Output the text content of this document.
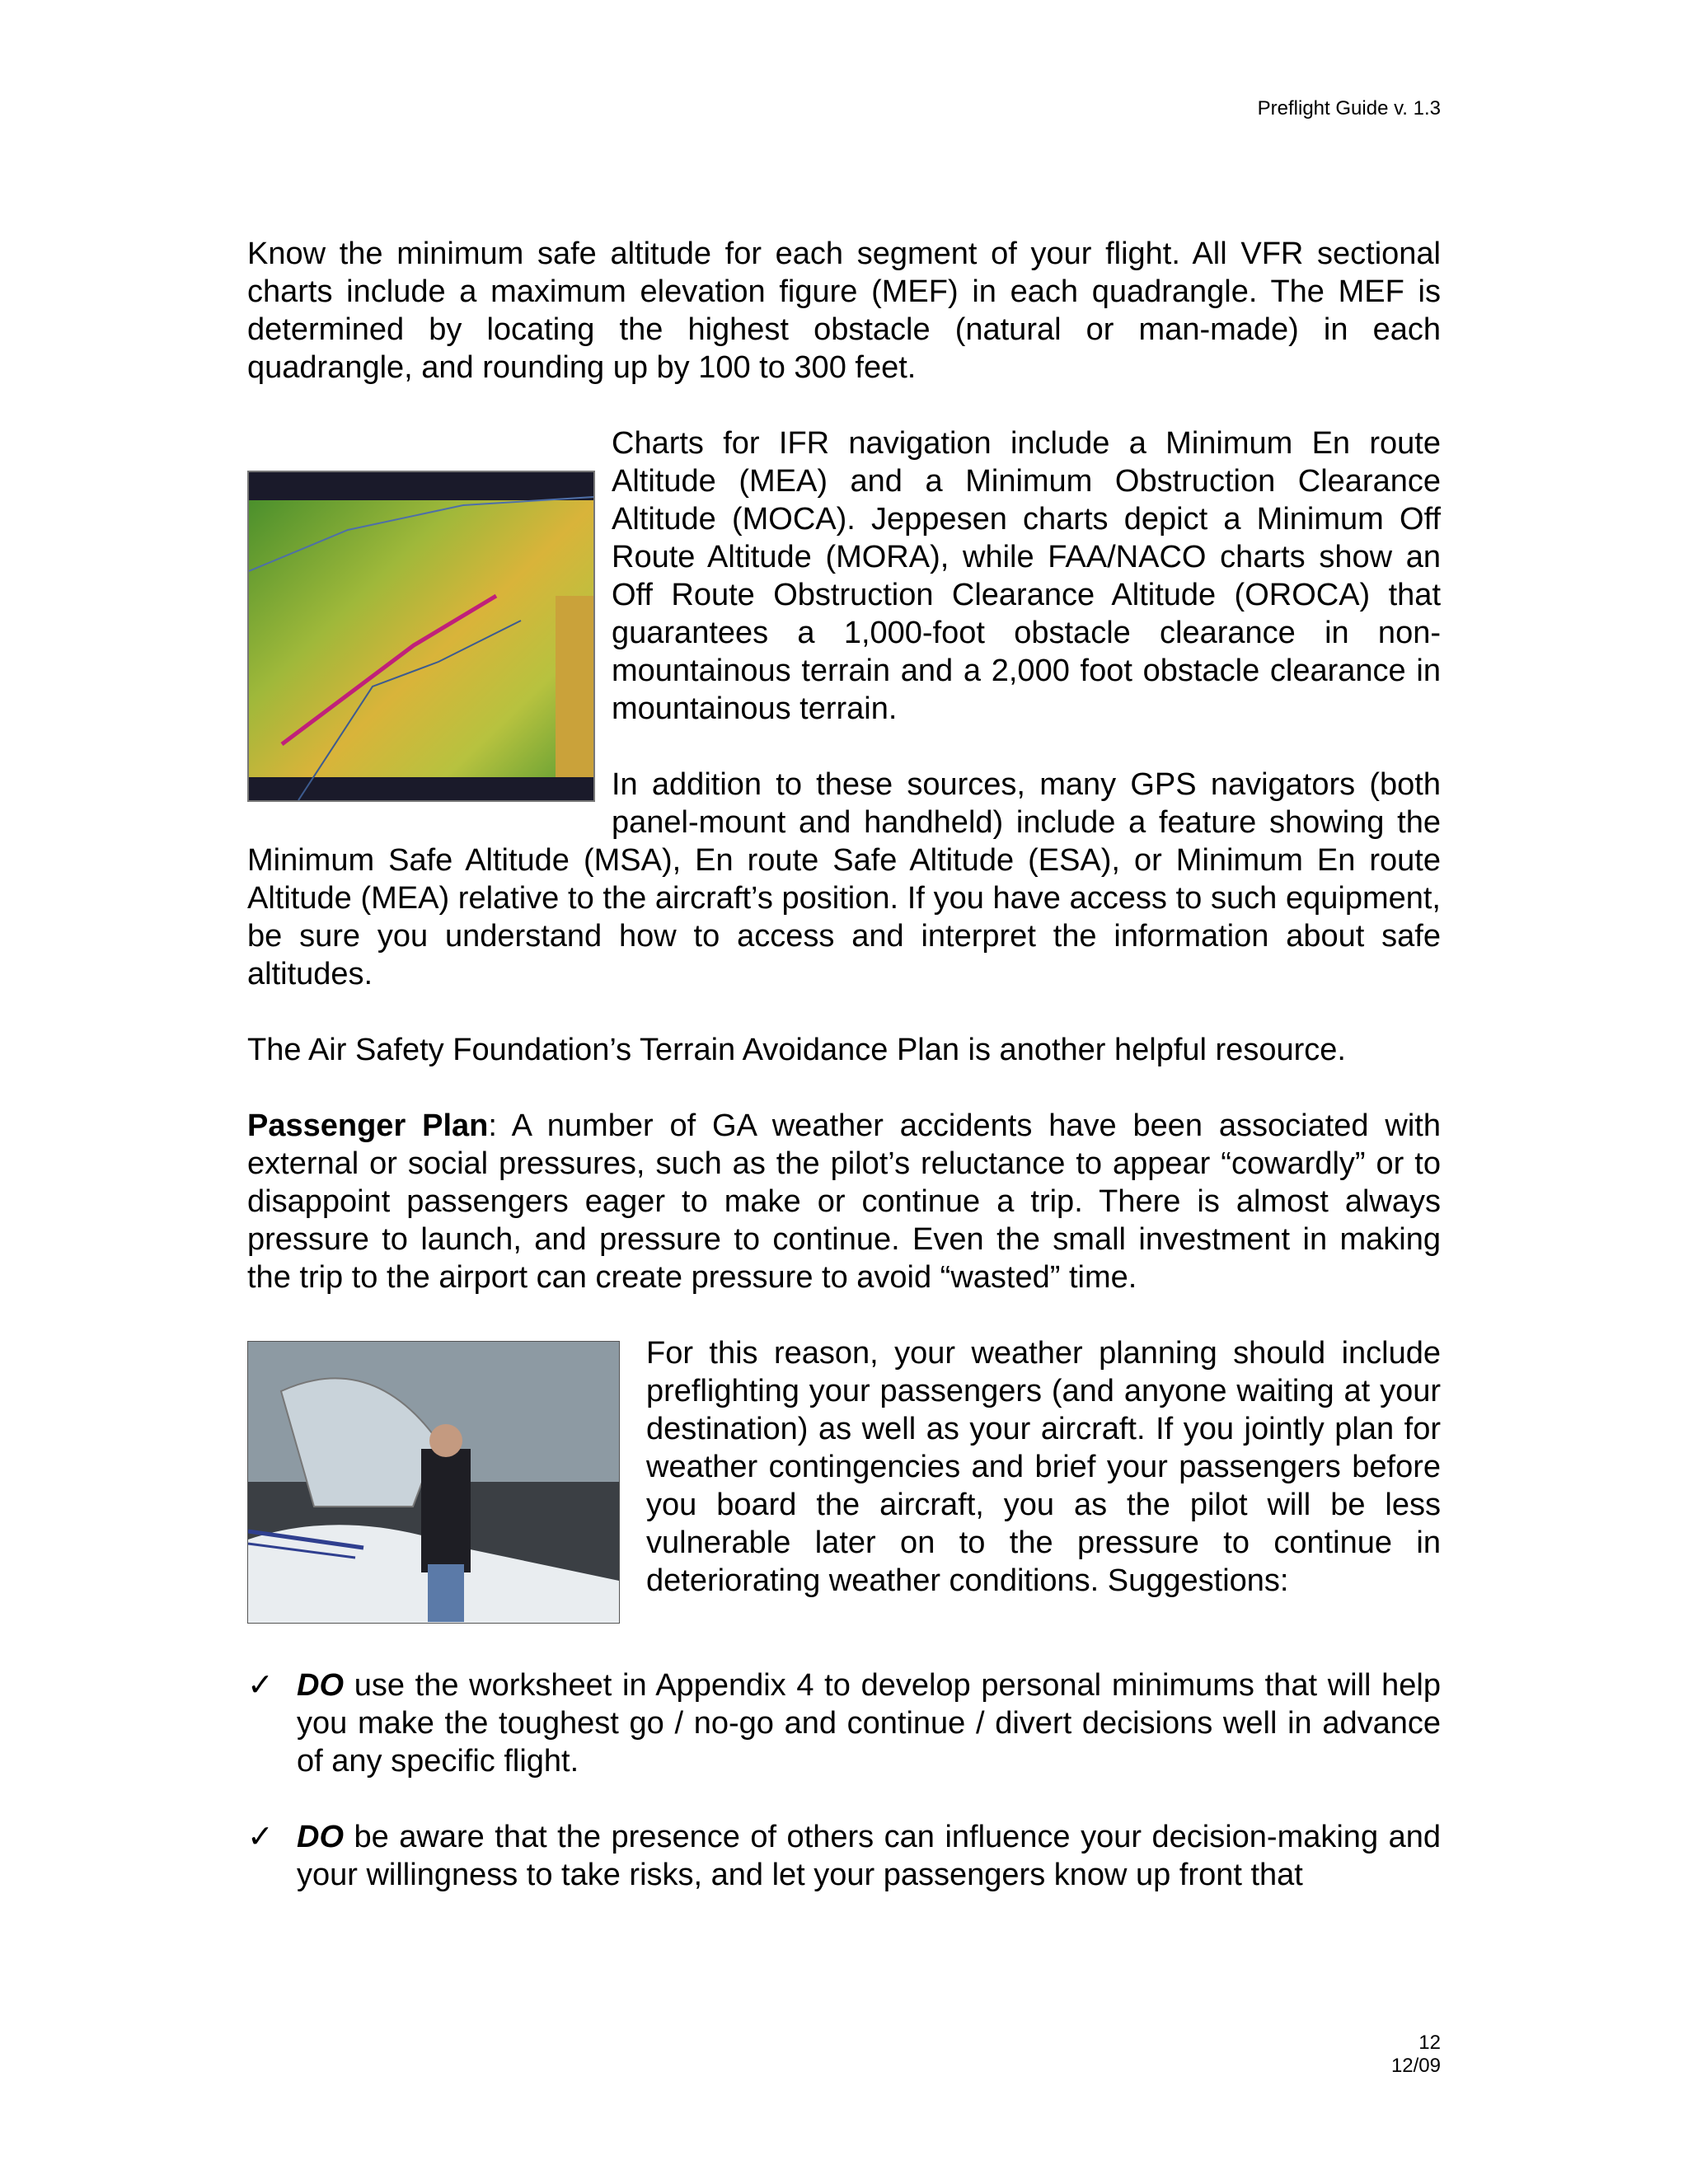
Preflight Guide v. 1.3

Know the minimum safe altitude for each segment of your flight. All VFR sectional charts include a maximum elevation figure (MEF) in each quadrangle. The MEF is determined by locating the highest obstacle (natural or man-made) in each quadrangle, and rounding up by 100 to 300 feet.

Charts for IFR navigation include a Minimum En route Altitude (MEA) and a Minimum Obstruction Clearance Altitude (MOCA). Jeppesen charts depict a Minimum Off Route Altitude (MORA), while FAA/NACO charts show an Off Route Obstruction Clearance Altitude (OROCA) that guarantees a 1,000-foot obstacle clearance in non-mountainous terrain and a 2,000 foot obstacle clearance in mountainous terrain.

In addition to these sources, many GPS navigators (both panel-mount and handheld) include a feature showing the Minimum Safe Altitude (MSA), En route Safe Altitude (ESA), or Minimum En route Altitude (MEA) relative to the aircraft’s position. If you have access to such equipment, be sure you understand how to access and interpret the information about safe altitudes.

The Air Safety Foundation’s Terrain Avoidance Plan is another helpful resource.

Passenger Plan: A number of GA weather accidents have been associated with external or social pressures, such as the pilot’s reluctance to appear “cowardly” or to disappoint passengers eager to make or continue a trip. There is almost always pressure to launch, and pressure to continue. Even the small investment in making the trip to the airport can create pressure to avoid “wasted” time.

For this reason, your weather planning should include preflighting your passengers (and anyone waiting at your destination) as well as your aircraft. If you jointly plan for weather contingencies and brief your passengers before you board the aircraft, you as the pilot will be less vulnerable later on to the pressure to continue in deteriorating weather conditions. Suggestions:

✓ DO use the worksheet in Appendix 4 to develop personal minimums that will help you make the toughest go / no-go and continue / divert decisions well in advance of any specific flight.
✓ DO be aware that the presence of others can influence your decision-making and your willingness to take risks, and let your passengers know up front that
12
12/09
